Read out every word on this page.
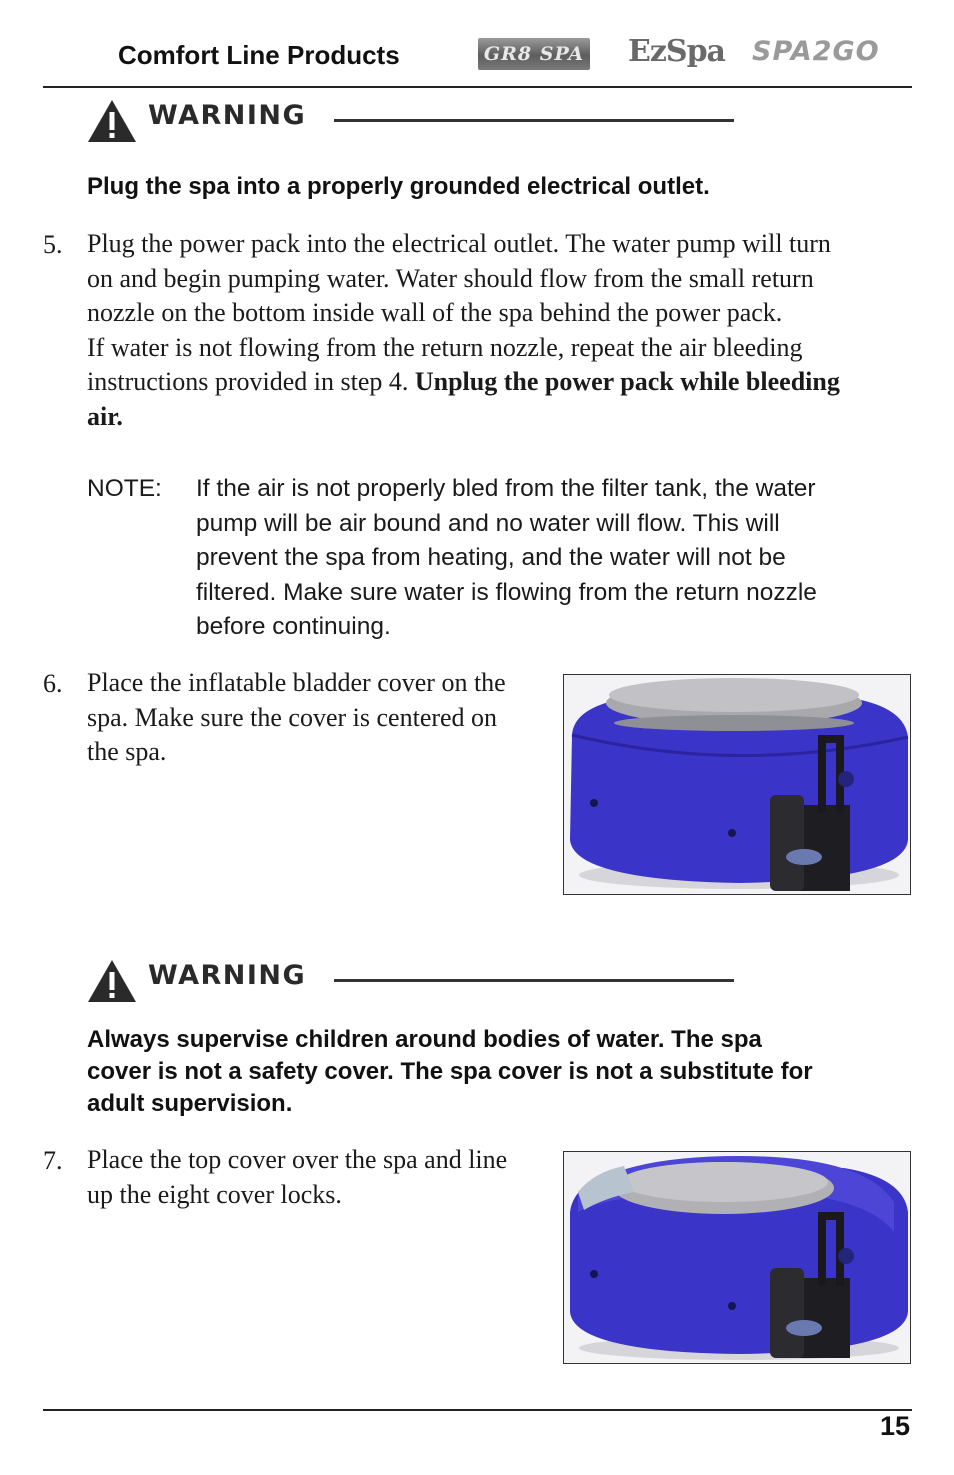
Comfort Line Products	GR8 SPA EzSpa SPA2GO
WARNING
Plug the spa into a properly grounded electrical outlet.
5. Plug the power pack into the electrical outlet. The water pump will turn
on and begin pumping water. Water should flow from the small return
nozzle on the bottom inside wall of the spa behind the power pack.
If water is not flowing from the return nozzle, repeat the air bleeding
instructions provided in step 4. Unplug the power pack while bleeding
air.
NOTE: If the air is not properly bled from the filter tank, the water
pump will be air bound and no water will flow. This will
prevent the spa from heating, and the water will not be
filtered. Make sure water is flowing from the return nozzle
before continuing.
6. Place the inflatable bladder cover on the
spa. Make sure the cover is centered on
the spa.
WARNING
Always supervise children around bodies of water. The spa
cover is not a safety cover. The spa cover is not a substitute for
adult supervision.
7. Place the top cover over the spa and line
up the eight cover locks.
15
